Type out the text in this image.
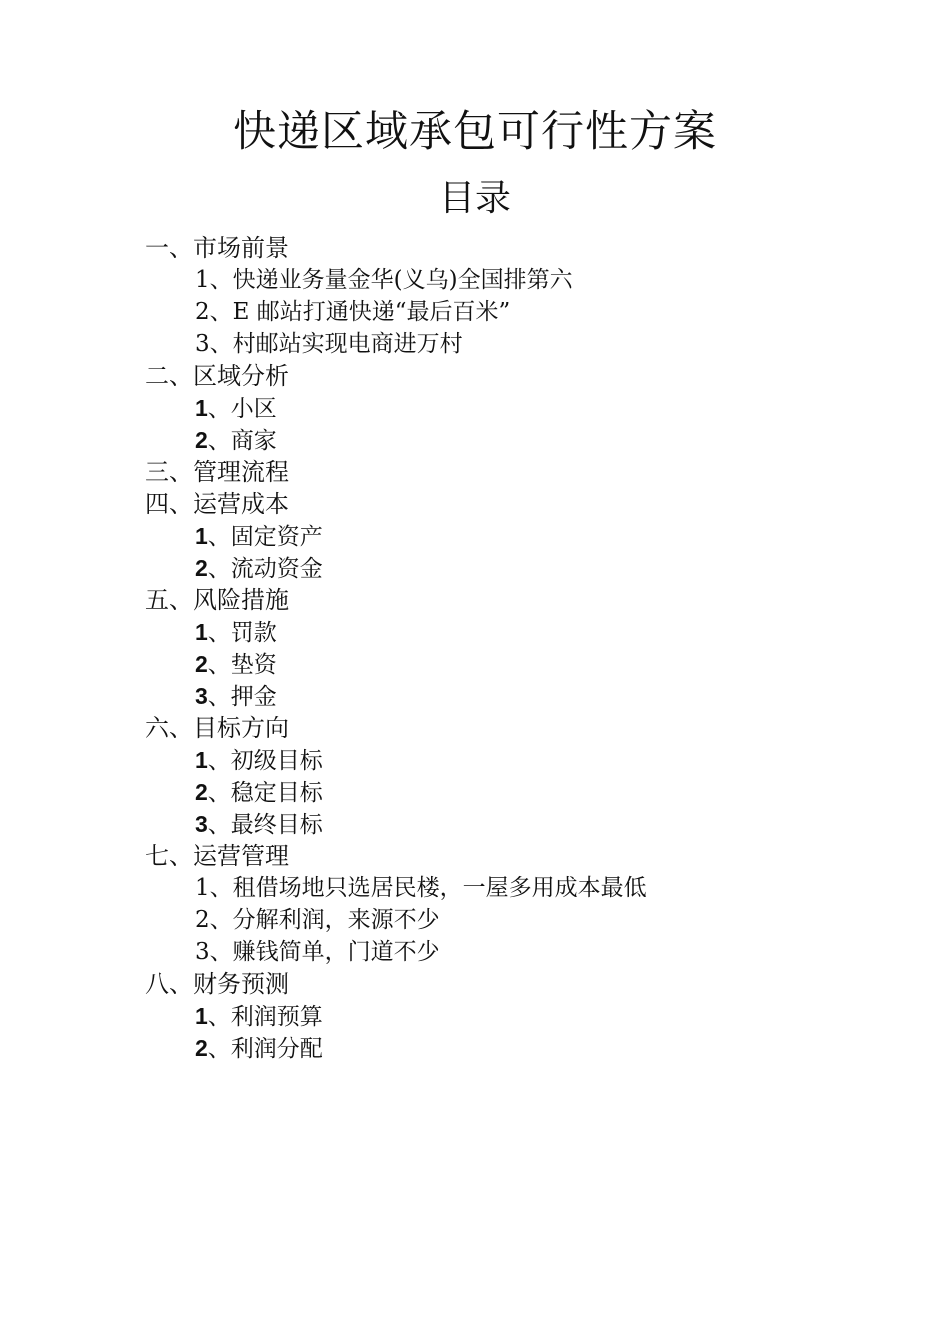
快递区域承包可行性方案
目录
一、市场前景
1、快递业务量金华(义乌)全国排第六
2、E 邮站打通快递“最后百米”
3、村邮站实现电商进万村
二、区域分析
1、小区
2、商家
三、管理流程
四、运营成本
1、固定资产
2、流动资金
五、风险措施
1、罚款
2、垫资
3、押金
六、目标方向
1、初级目标
2、稳定目标
3、最终目标
七、运营管理
1、租借场地只选居民楼，一屋多用成本最低
2、分解利润，来源不少
3、赚钱简单，门道不少
八、财务预测
1、利润预算
2、利润分配
